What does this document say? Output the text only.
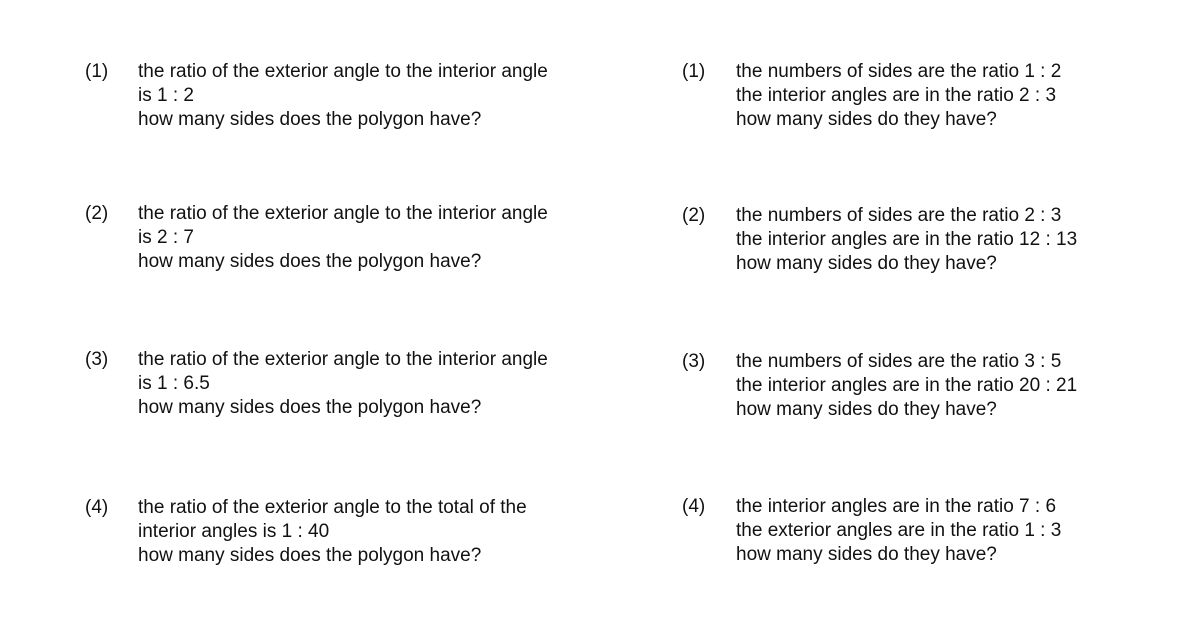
(1) the ratio of the exterior angle to the interior angle
is 1 : 2
how many sides does the polygon have?
(2) the ratio of the exterior angle to the interior angle
is 2 : 7
how many sides does the polygon have?
(3) the ratio of the exterior angle to the interior angle
is 1 : 6.5
how many sides does the polygon have?
(4) the ratio of the exterior angle to the total of the
interior angles is 1 : 40
how many sides does the polygon have?
(1) the numbers of sides are the ratio 1 : 2
the interior angles are in the ratio 2 : 3
how many sides do they have?
(2) the numbers of sides are the ratio 2 : 3
the interior angles are in the ratio 12 : 13
how many sides do they have?
(3) the numbers of sides are the ratio 3 : 5
the interior angles are in the ratio 20 : 21
how many sides do they have?
(4) the interior angles are in the ratio 7 : 6
the exterior angles are in the ratio 1 : 3
how many sides do they have?
